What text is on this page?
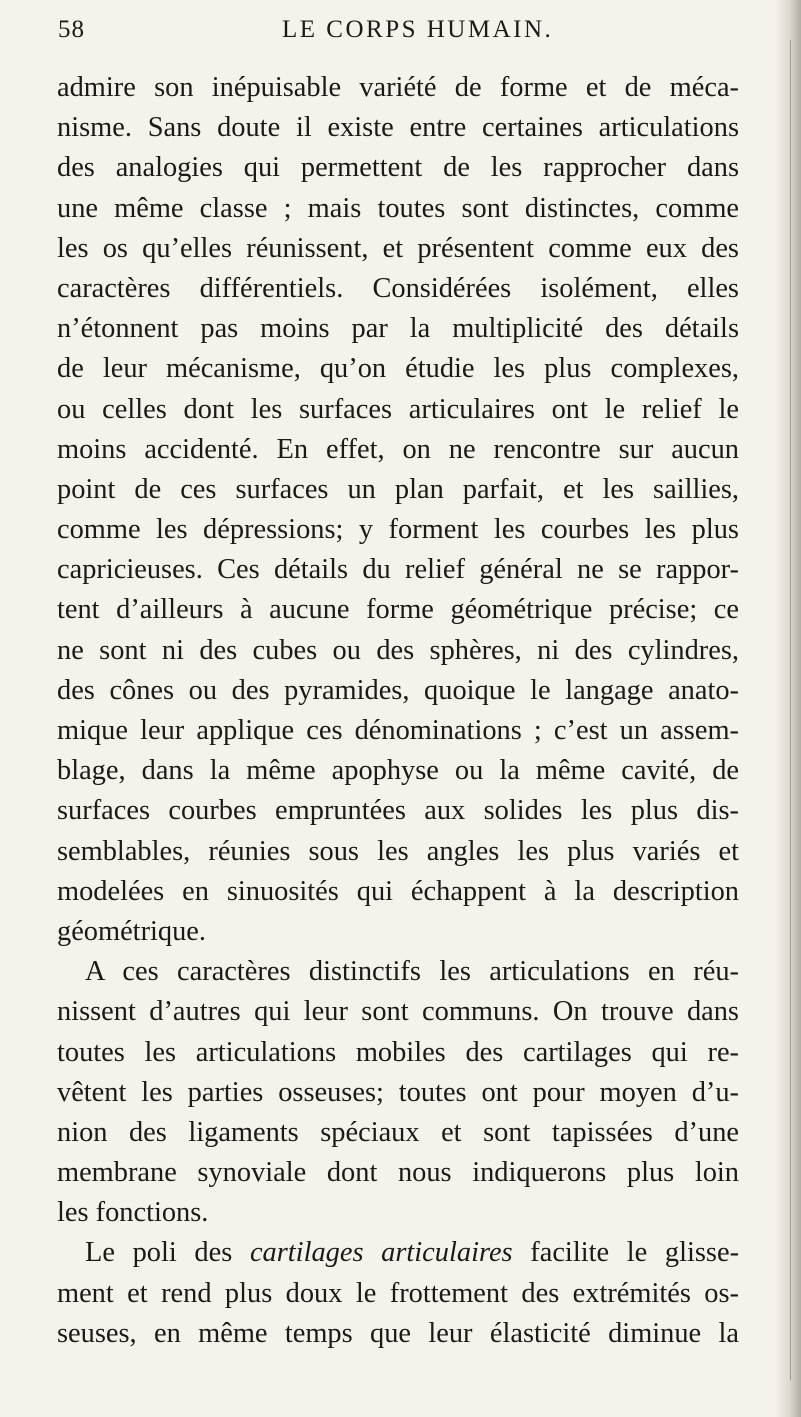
58	LE CORPS HUMAIN.
admire son inépuisable variété de forme et de méca-
nisme. Sans doute il existe entre certaines articulations
des analogies qui permettent de les rapprocher dans
une même classe ; mais toutes sont distinctes, comme
les os qu’elles réunissent, et présentent comme eux des
caractères différentiels. Considérées isolément, elles
n’étonnent pas moins par la multiplicité des détails
de leur mécanisme, qu’on étudie les plus complexes,
ou celles dont les surfaces articulaires ont le relief le
moins accidenté. En effet, on ne rencontre sur aucun
point de ces surfaces un plan parfait, et les saillies,
comme les dépressions; y forment les courbes les plus
capricieuses. Ces détails du relief général ne se rappor-
tent d’ailleurs à aucune forme géométrique précise; ce
ne sont ni des cubes ou des sphères, ni des cylindres,
des cônes ou des pyramides, quoique le langage anato-
mique leur applique ces dénominations ; c’est un assem-
blage, dans la même apophyse ou la même cavité, de
surfaces courbes empruntées aux solides les plus dis-
semblables, réunies sous les angles les plus variés et
modelées en sinuosités qui échappent à la description
géométrique.
A ces caractères distinctifs les articulations en réu-
nissent d’autres qui leur sont communs. On trouve dans
toutes les articulations mobiles des cartilages qui re-
vêtent les parties osseuses; toutes ont pour moyen d’u-
nion des ligaments spéciaux et sont tapissées d’une
membrane synoviale dont nous indiquerons plus loin
les fonctions.
Le poli des cartilages articulaires facilite le glisse-
ment et rend plus doux le frottement des extrémités os-
seuses, en même temps que leur élasticité diminue la
